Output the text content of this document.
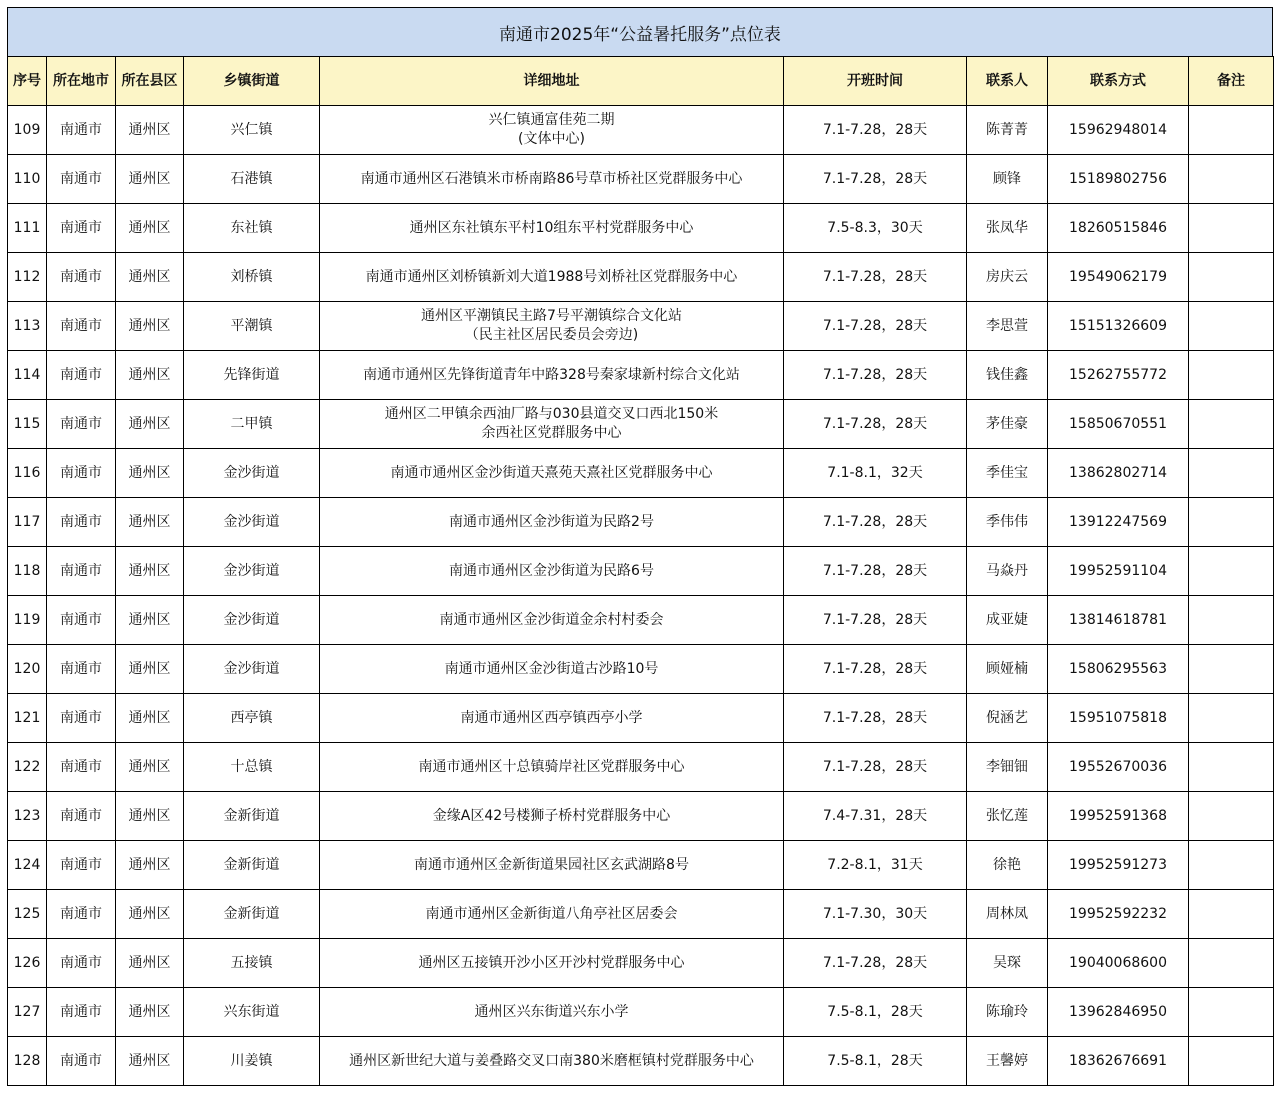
南通市2025年“公益暑托服务”点位表
序号	所在地市	所在县区	乡镇街道	详细地址	开班时间	联系人	联系方式	备注
109	南通市	通州区	兴仁镇	兴仁镇通富佳苑二期
(文体中心)	7.1-7.28，28天	陈菁菁	15962948014	
110	南通市	通州区	石港镇	南通市通州区石港镇米市桥南路86号草市桥社区党群服务中心	7.1-7.28，28天	顾锋	15189802756	
111	南通市	通州区	东社镇	通州区东社镇东平村10组东平村党群服务中心	7.5-8.3，30天	张凤华	18260515846	
112	南通市	通州区	刘桥镇	南通市通州区刘桥镇新刘大道1988号刘桥社区党群服务中心	7.1-7.28，28天	房庆云	19549062179	
113	南通市	通州区	平潮镇	通州区平潮镇民主路7号平潮镇综合文化站
（民主社区居民委员会旁边)	7.1-7.28，28天	李思萱	15151326609	
114	南通市	通州区	先锋街道	南通市通州区先锋街道青年中路328号秦家埭新村综合文化站	7.1-7.28，28天	钱佳鑫	15262755772	
115	南通市	通州区	二甲镇	通州区二甲镇余西油厂路与030县道交叉口西北150米
余西社区党群服务中心	7.1-7.28，28天	茅佳豪	15850670551	
116	南通市	通州区	金沙街道	南通市通州区金沙街道天熹苑天熹社区党群服务中心	7.1-8.1，32天	季佳宝	13862802714	
117	南通市	通州区	金沙街道	南通市通州区金沙街道为民路2号	7.1-7.28，28天	季伟伟	13912247569	
118	南通市	通州区	金沙街道	南通市通州区金沙街道为民路6号	7.1-7.28，28天	马焱丹	19952591104	
119	南通市	通州区	金沙街道	南通市通州区金沙街道金余村村委会	7.1-7.28，28天	成亚婕	13814618781	
120	南通市	通州区	金沙街道	南通市通州区金沙街道古沙路10号	7.1-7.28，28天	顾娅楠	15806295563	
121	南通市	通州区	西亭镇	南通市通州区西亭镇西亭小学	7.1-7.28，28天	倪涵艺	15951075818	
122	南通市	通州区	十总镇	南通市通州区十总镇骑岸社区党群服务中心	7.1-7.28，28天	李钿钿	19552670036	
123	南通市	通州区	金新街道	金缘A区42号楼狮子桥村党群服务中心	7.4-7.31，28天	张忆莲	19952591368	
124	南通市	通州区	金新街道	南通市通州区金新街道果园社区玄武湖路8号	7.2-8.1，31天	徐艳	19952591273	
125	南通市	通州区	金新街道	南通市通州区金新街道八角亭社区居委会	7.1-7.30，30天	周林凤	19952592232	
126	南通市	通州区	五接镇	通州区五接镇开沙小区开沙村党群服务中心	7.1-7.28，28天	吴琛	19040068600	
127	南通市	通州区	兴东街道	通州区兴东街道兴东小学	7.5-8.1，28天	陈瑜玲	13962846950	
128	南通市	通州区	川姜镇	通州区新世纪大道与姜叠路交叉口南380米磨框镇村党群服务中心	7.5-8.1，28天	王馨婷	18362676691	
